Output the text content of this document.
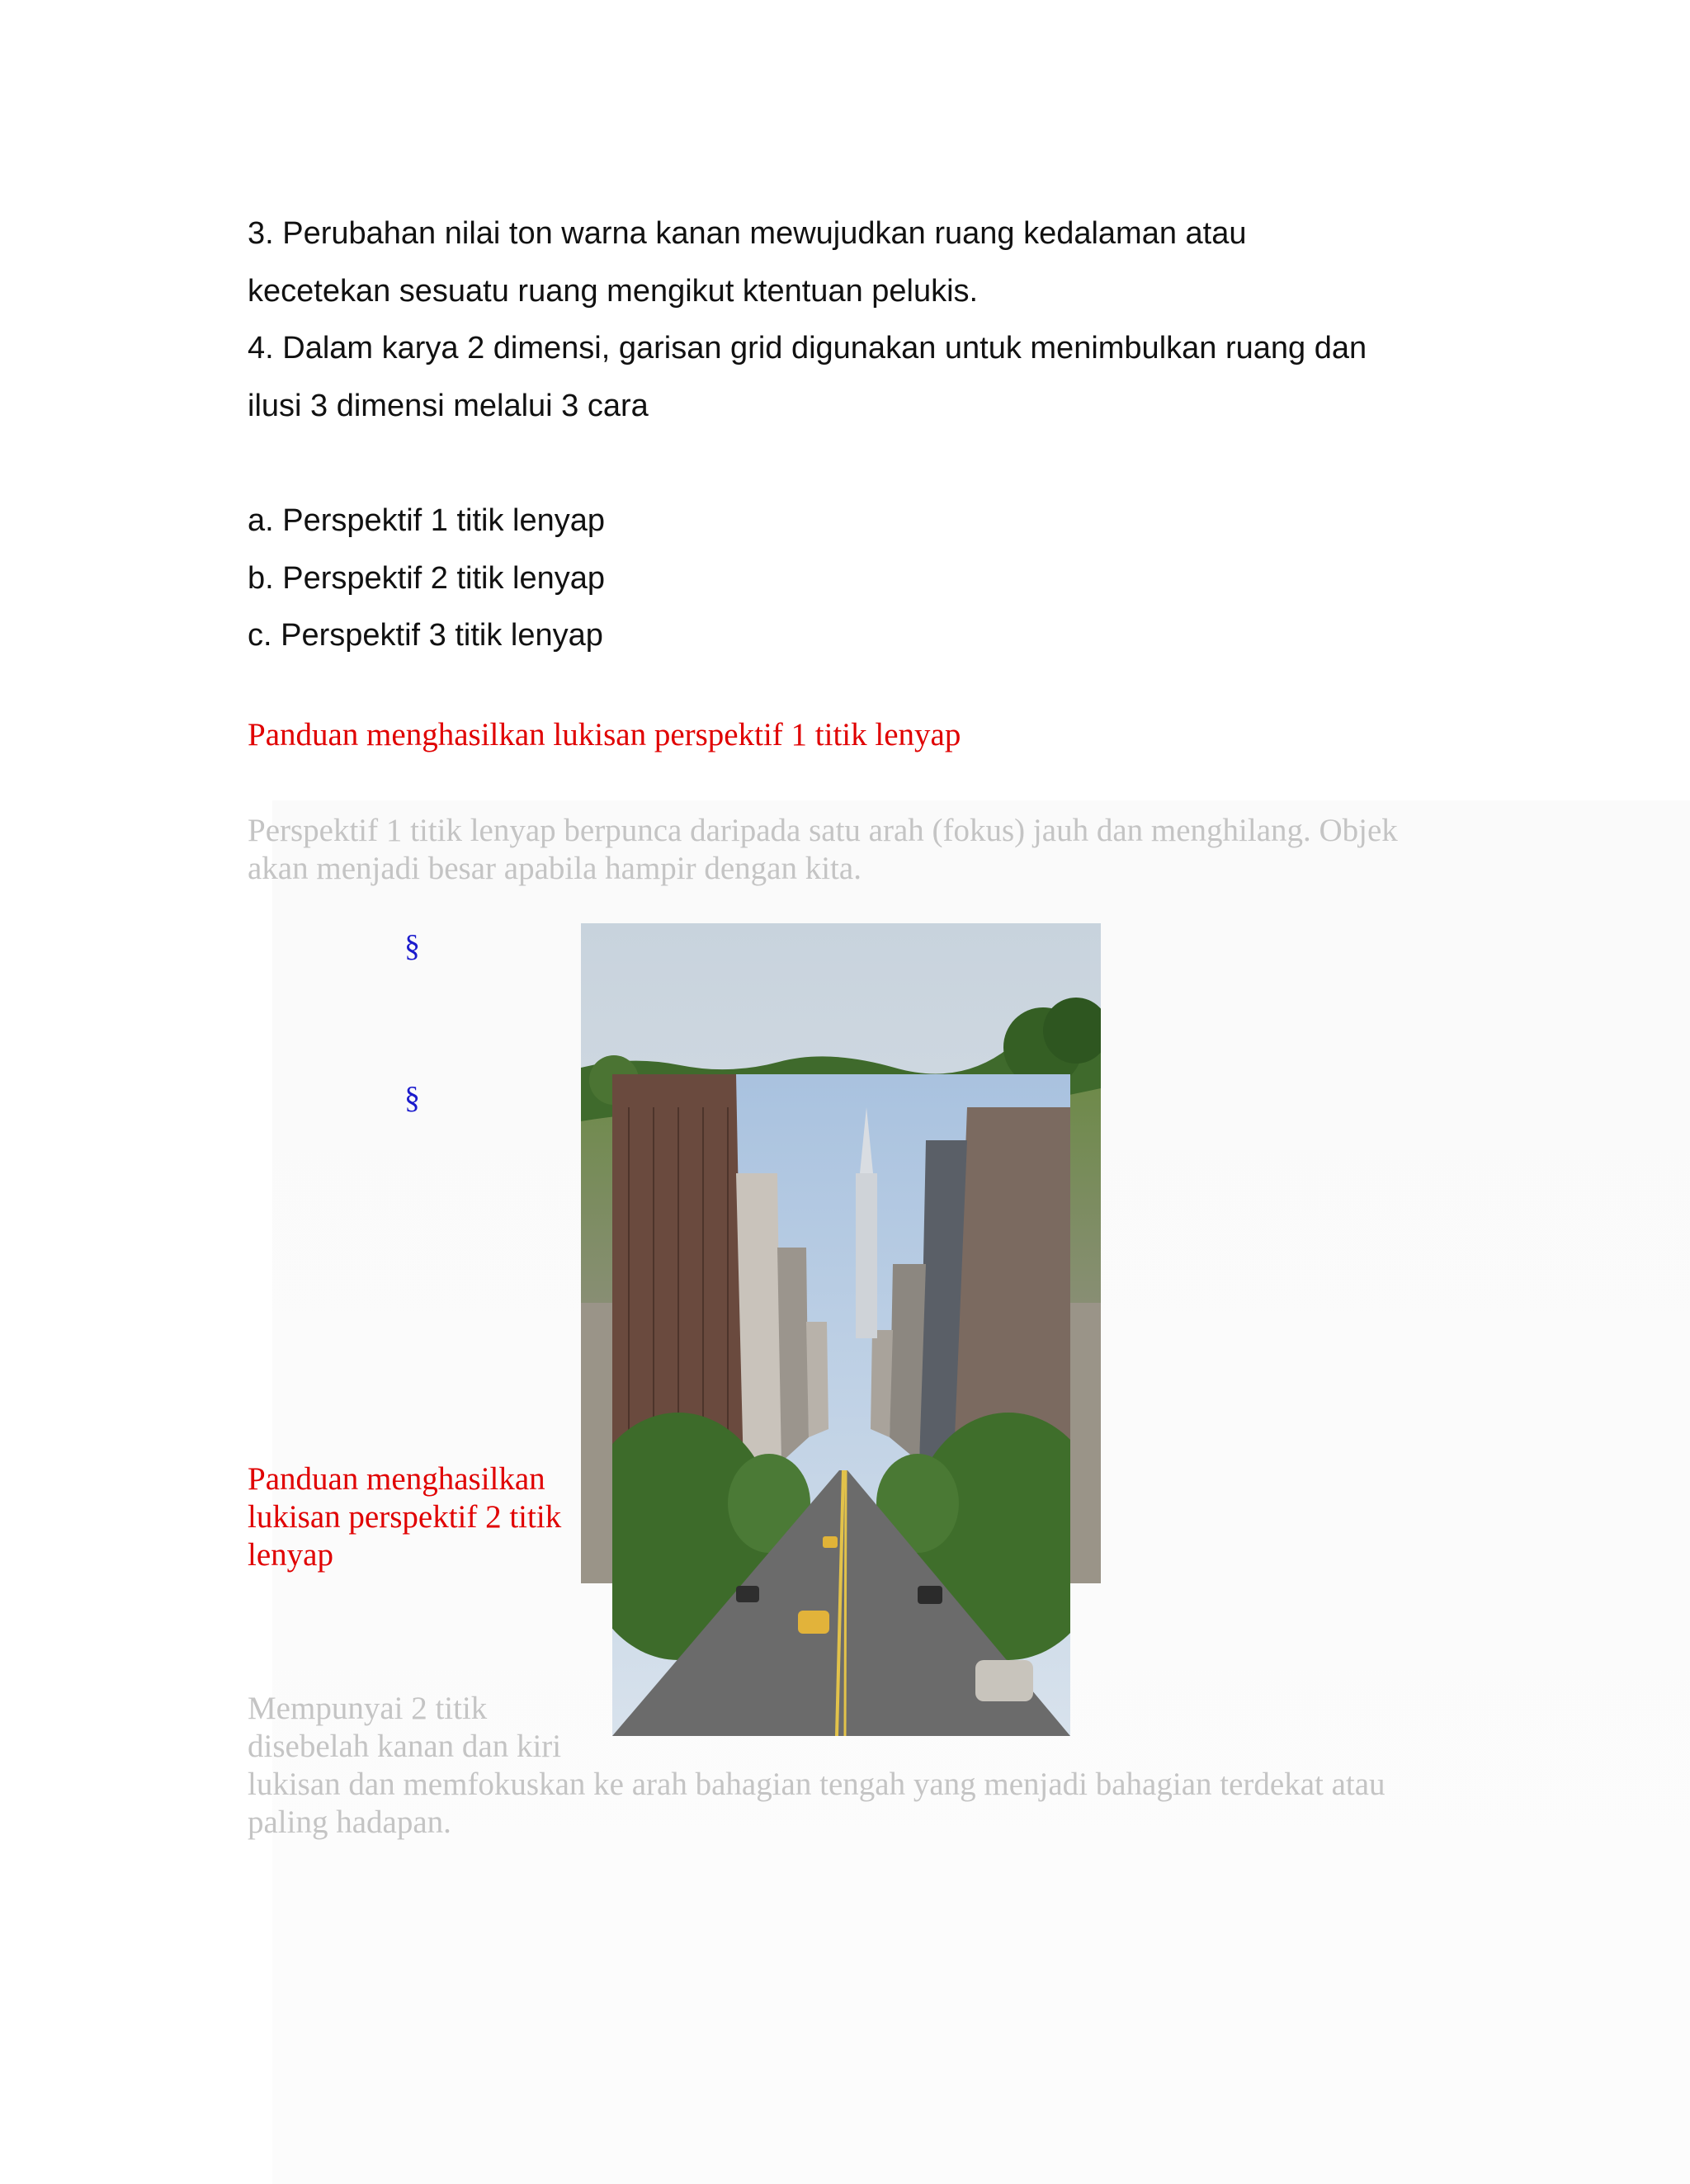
3. Perubahan nilai ton warna kanan mewujudkan ruang kedalaman atau
kecetekan sesuatu ruang mengikut ktentuan pelukis.
4. Dalam karya 2 dimensi, garisan grid digunakan untuk menimbulkan ruang dan
ilusi 3 dimensi melalui 3 cara
a. Perspektif 1 titik lenyap
b. Perspektif 2 titik lenyap
c. Perspektif 3 titik lenyap
Panduan menghasilkan lukisan perspektif 1 titik lenyap
Perspektif 1 titik lenyap berpunca daripada satu arah (fokus) jauh dan menghilang. Objek
akan menjadi besar apabila hampir dengan kita.
§
§
Panduan menghasilkan
lukisan perspektif 2 titik
lenyap
Mempunyai 2 titik
disebelah kanan dan kiri
lukisan dan memfokuskan ke arah bahagian tengah yang menjadi bahagian terdekat atau
paling hadapan.
